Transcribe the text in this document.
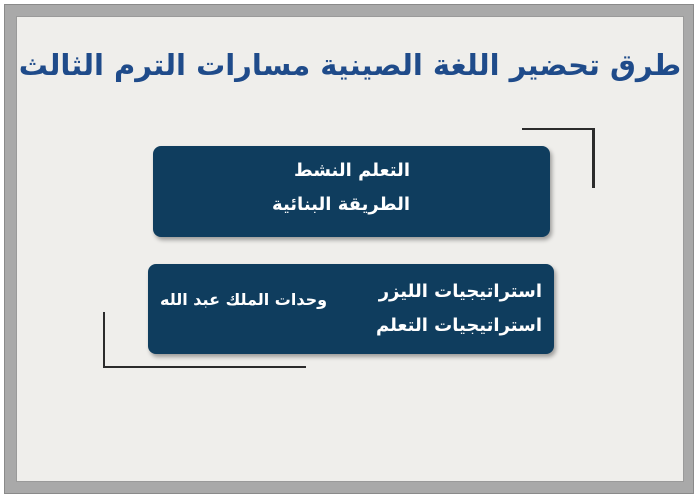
طرق تحضير اللغة الصينية مسارات الترم الثالث
التعلم النشط
الطريقة البنائية
استراتيجيات الليزر
استراتيجيات التعلم
وحدات الملك عبد الله
